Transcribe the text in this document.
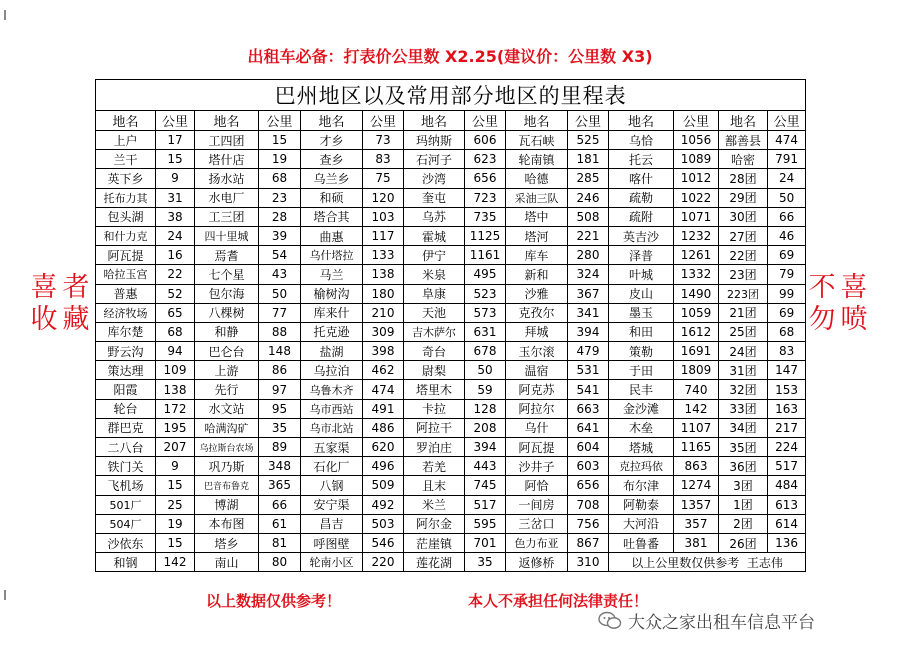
出租车必备：打表价公里数 X2.25(建议价：公里数 X3)
喜 者
收 藏
不 喜
勿 喷
巴州地区以及常用部分地区的里程表													
地名	公里	地名	公里	地名	公里	地名	公里	地名	公里	地名	公里	地名	公里
上户	17	工四团	15	才乡	73	玛纳斯	606	瓦石峡	525	乌恰	1056	鄯善县	474
兰干	15	塔什店	19	查乡	83	石河子	623	轮南镇	181	托云	1089	哈密	791
英下乡	9	扬水站	68	乌兰乡	75	沙湾	656	哈德	285	喀什	1012	28团	24
托布力其	31	水电厂	23	和硕	120	奎屯	723	采油三队	246	疏勒	1022	29团	50
包头湖	38	工三团	28	塔合其	103	乌苏	735	塔中	508	疏附	1071	30团	66
和什力克	24	四十里城	39	曲惠	117	霍城	1125	塔河	221	英吉沙	1232	27团	46
阿瓦提	16	焉耆	54	乌什塔拉	133	伊宁	1161	库车	280	泽普	1261	22团	69
哈拉玉宫	22	七个星	43	马兰	138	米泉	495	新和	324	叶城	1332	23团	79
普惠	52	包尔海	50	榆树沟	180	阜康	523	沙雅	367	皮山	1490	223团	99
经济牧场	65	八棵树	77	库来什	210	天池	573	克孜尔	341	墨玉	1059	21团	69
库尔楚	68	和静	88	托克逊	309	吉木萨尔	631	拜城	394	和田	1612	25团	68
野云沟	94	巴仑台	148	盐湖	398	奇台	678	玉尔滚	479	策勒	1691	24团	83
策达理	109	上游	86	乌拉泊	462	尉梨	50	温宿	531	于田	1809	31团	147
阳霞	138	先行	97	乌鲁木齐	474	塔里木	59	阿克苏	541	民丰	740	32团	153
轮台	172	水文站	95	乌市西站	491	卡拉	128	阿拉尔	663	金沙滩	142	33团	163
群巴克	195	哈满沟矿	35	乌市北站	486	阿拉干	208	乌什	641	木垒	1107	34团	217
二八台	207	乌拉斯台农场	89	五家渠	620	罗泊庄	394	阿瓦提	604	塔城	1165	35团	224
铁门关	9	巩乃斯	348	石化厂	496	若羌	443	沙井子	603	克拉玛依	863	36团	517
飞机场	15	巴音布鲁克	365	八钢	509	且末	745	阿恰	656	布尔津	1274	3团	484
501厂	25	博湖	66	安宁渠	492	米兰	517	一间房	708	阿勒泰	1357	1团	613
504厂	19	本布图	61	昌吉	503	阿尔金	595	三岔口	756	大河沿	357	2团	614
沙依东	15	塔乡	81	呼图壁	546	茫崖镇	701	色力布亚	867	吐鲁番	381	26团	136
和钢	142	南山	80	轮南小区	220	莲花湖	35	返修桥	310	以上公里数仅供参考  王志伟			
以上数据仅供参考！	本人不承担任何法律责任！
大众之家出租车信息平台
